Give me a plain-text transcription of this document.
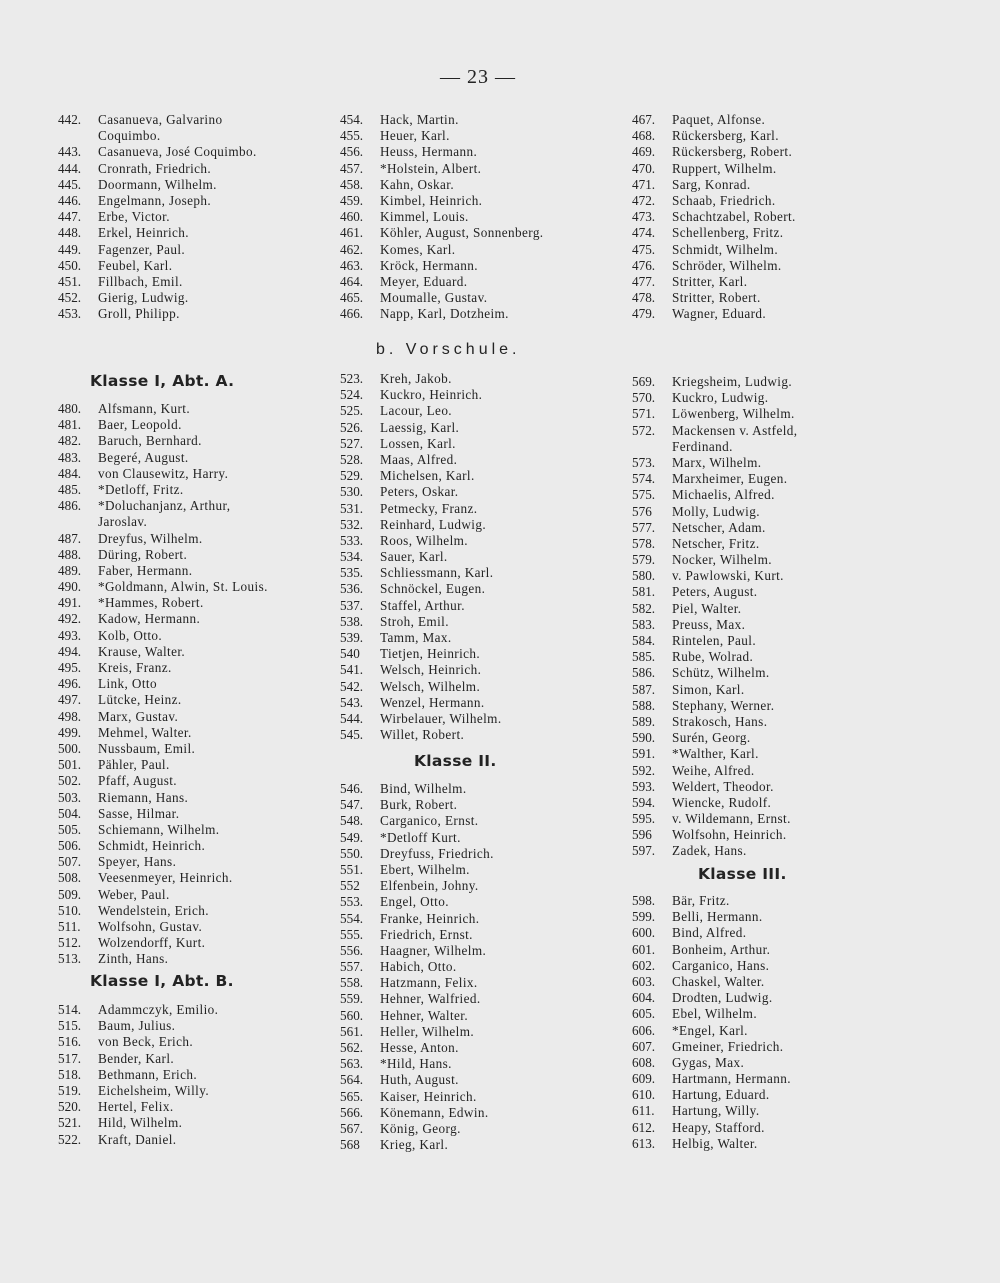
— 23 —
442. Casanueva, Galvarino
Coquimbo.
443. Casanueva, José Coquimbo.
444. Cronrath, Friedrich.
445. Doormann, Wilhelm.
446. Engelmann, Joseph.
447. Erbe, Victor.
448. Erkel, Heinrich.
449. Fagenzer, Paul.
450. Feubel, Karl.
451. Fillbach, Emil.
452. Gierig, Ludwig.
453. Groll, Philipp.
Klasse I, Abt. A.
480. Alfsmann, Kurt.
481. Baer, Leopold.
482. Baruch, Bernhard.
483. Begeré, August.
484. von Clausewitz, Harry.
485. *Detloff, Fritz.
486. *Doluchanjanz, Arthur,
Jaroslav.
487. Dreyfus, Wilhelm.
488. Düring, Robert.
489. Faber, Hermann.
490. *Goldmann, Alwin, St. Louis.
491. *Hammes, Robert.
492. Kadow, Hermann.
493. Kolb, Otto.
494. Krause, Walter.
495. Kreis, Franz.
496. Link, Otto
497. Lütcke, Heinz.
498. Marx, Gustav.
499. Mehmel, Walter.
500. Nussbaum, Emil.
501. Pähler, Paul.
502. Pfaff, August.
503. Riemann, Hans.
504. Sasse, Hilmar.
505. Schiemann, Wilhelm.
506. Schmidt, Heinrich.
507. Speyer, Hans.
508. Veesenmeyer, Heinrich.
509. Weber, Paul.
510. Wendelstein, Erich.
511. Wolfsohn, Gustav.
512. Wolzendorff, Kurt.
513. Zinth, Hans.
Klasse I, Abt. B.
514. Adammczyk, Emilio.
515. Baum, Julius.
516. von Beck, Erich.
517. Bender, Karl.
518. Bethmann, Erich.
519. Eichelsheim, Willy.
520. Hertel, Felix.
521. Hild, Wilhelm.
522. Kraft, Daniel.
454. Hack, Martin.
455. Heuer, Karl.
456. Heuss, Hermann.
457. *Holstein, Albert.
458. Kahn, Oskar.
459. Kimbel, Heinrich.
460. Kimmel, Louis.
461. Köhler, August, Sonnenberg.
462. Komes, Karl.
463. Kröck, Hermann.
464. Meyer, Eduard.
465. Moumalle, Gustav.
466. Napp, Karl, Dotzheim.
b. Vorschule.
523. Kreh, Jakob.
524. Kuckro, Heinrich.
525. Lacour, Leo.
526. Laessig, Karl.
527. Lossen, Karl.
528. Maas, Alfred.
529. Michelsen, Karl.
530. Peters, Oskar.
531. Petmecky, Franz.
532. Reinhard, Ludwig.
533. Roos, Wilhelm.
534. Sauer, Karl.
535. Schliessmann, Karl.
536. Schnöckel, Eugen.
537. Staffel, Arthur.
538. Stroh, Emil.
539. Tamm, Max.
540 Tietjen, Heinrich.
541. Welsch, Heinrich.
542. Welsch, Wilhelm.
543. Wenzel, Hermann.
544. Wirbelauer, Wilhelm.
545. Willet, Robert.
Klasse II.
546. Bind, Wilhelm.
547. Burk, Robert.
548. Carganico, Ernst.
549. *Detloff Kurt.
550. Dreyfuss, Friedrich.
551. Ebert, Wilhelm.
552 Elfenbein, Johny.
553. Engel, Otto.
554. Franke, Heinrich.
555. Friedrich, Ernst.
556. Haagner, Wilhelm.
557. Habich, Otto.
558. Hatzmann, Felix.
559. Hehner, Walfried.
560. Hehner, Walter.
561. Heller, Wilhelm.
562. Hesse, Anton.
563. *Hild, Hans.
564. Huth, August.
565. Kaiser, Heinrich.
566. Könemann, Edwin.
567. König, Georg.
568 Krieg, Karl.
467. Paquet, Alfonse.
468. Rückersberg, Karl.
469. Rückersberg, Robert.
470. Ruppert, Wilhelm.
471. Sarg, Konrad.
472. Schaab, Friedrich.
473. Schachtzabel, Robert.
474. Schellenberg, Fritz.
475. Schmidt, Wilhelm.
476. Schröder, Wilhelm.
477. Stritter, Karl.
478. Stritter, Robert.
479. Wagner, Eduard.
569. Kriegsheim, Ludwig.
570. Kuckro, Ludwig.
571. Löwenberg, Wilhelm.
572. Mackensen v. Astfeld,
Ferdinand.
573. Marx, Wilhelm.
574. Marxheimer, Eugen.
575. Michaelis, Alfred.
576 Molly, Ludwig.
577. Netscher, Adam.
578. Netscher, Fritz.
579. Nocker, Wilhelm.
580. v. Pawlowski, Kurt.
581. Peters, August.
582. Piel, Walter.
583. Preuss, Max.
584. Rintelen, Paul.
585. Rube, Wolrad.
586. Schütz, Wilhelm.
587. Simon, Karl.
588. Stephany, Werner.
589. Strakosch, Hans.
590. Surén, Georg.
591. *Walther, Karl.
592. Weihe, Alfred.
593. Weldert, Theodor.
594. Wiencke, Rudolf.
595. v. Wildemann, Ernst.
596 Wolfsohn, Heinrich.
597. Zadek, Hans.
Klasse III.
598. Bär, Fritz.
599. Belli, Hermann.
600. Bind, Alfred.
601. Bonheim, Arthur.
602. Carganico, Hans.
603. Chaskel, Walter.
604. Drodten, Ludwig.
605. Ebel, Wilhelm.
606. *Engel, Karl.
607. Gmeiner, Friedrich.
608. Gygas, Max.
609. Hartmann, Hermann.
610. Hartung, Eduard.
611. Hartung, Willy.
612. Heapy, Stafford.
613. Helbig, Walter.
